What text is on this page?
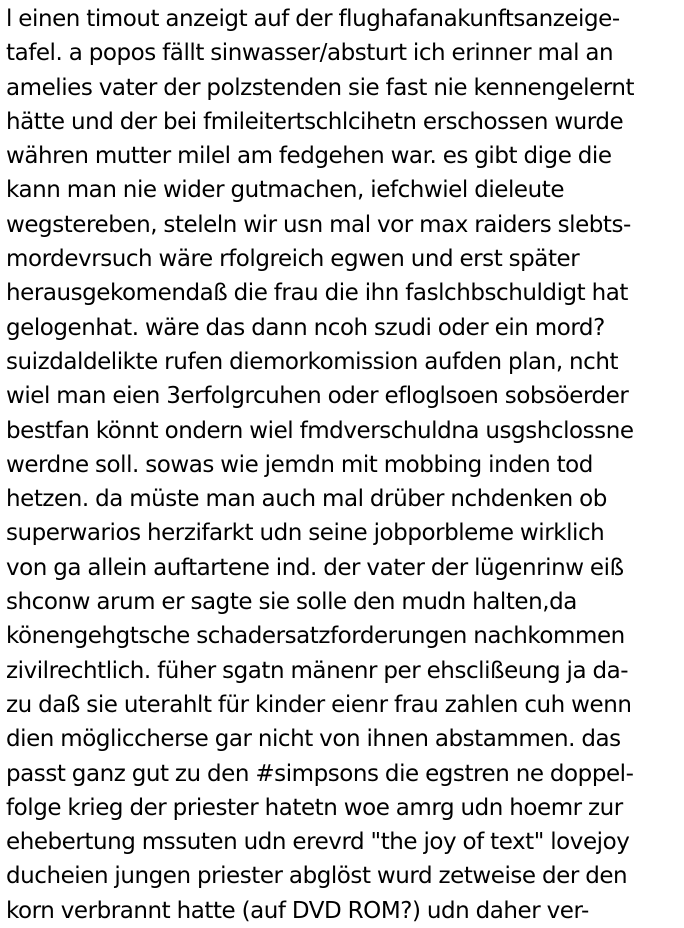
l einen timout anzeigt auf der flughafanakunftsanzeige-
tafel. a popos fällt sinwasser/absturt ich erinner mal an
amelies vater der polzstenden sie fast nie kennengelernt
hätte und der bei fmileitertschlcihetn erschossen wurde
währen mutter milel am fedgehen war. es gibt dige die
kann man nie wider gutmachen, iefchwiel dieleute
wegstereben, steleln wir usn mal vor max raiders slebts-
mordevrsuch wäre rfolgreich egwen und erst später
herausgekomendaß die frau die ihn faslchbschuldigt hat
gelogenhat. wäre das dann ncoh szudi oder ein mord?
suizdaldelikte rufen diemorkomission aufden plan, ncht
wiel man eien 3erfolgrcuhen oder efloglsoen sobsöerder
bestfan könnt ondern wiel fmdverschuldna usgshclossne
werdne soll. sowas wie jemdn mit mobbing inden tod
hetzen. da müste man auch mal drüber nchdenken ob
superwarios herzifarkt udn seine jobporbleme wirklich
von ga allein auftartene ind. der vater der lügenrinw eiß
shconw arum er sagte sie solle den mudn halten,da
könengehgtsche schadersatzforderungen nachkommen
zivilrechtlich. füher sgatn mänenr per ehsclißeung ja da-
zu daß sie uterahlt für kinder eienr frau zahlen cuh wenn
dien möglicchersе gar nicht von ihnen abstammen. das
passt ganz gut zu den #simpsons die egstren ne doppel-
folge krieg der priester hatetn woe amrg udn hoemr zur
ehebertung mssuten udn erevrd "the joy of text" lovejoy
ducheien jungen priester abglöst wurd zetweise der den
korn verbrannt hatte (auf DVD ROM?) udn daher ver-
